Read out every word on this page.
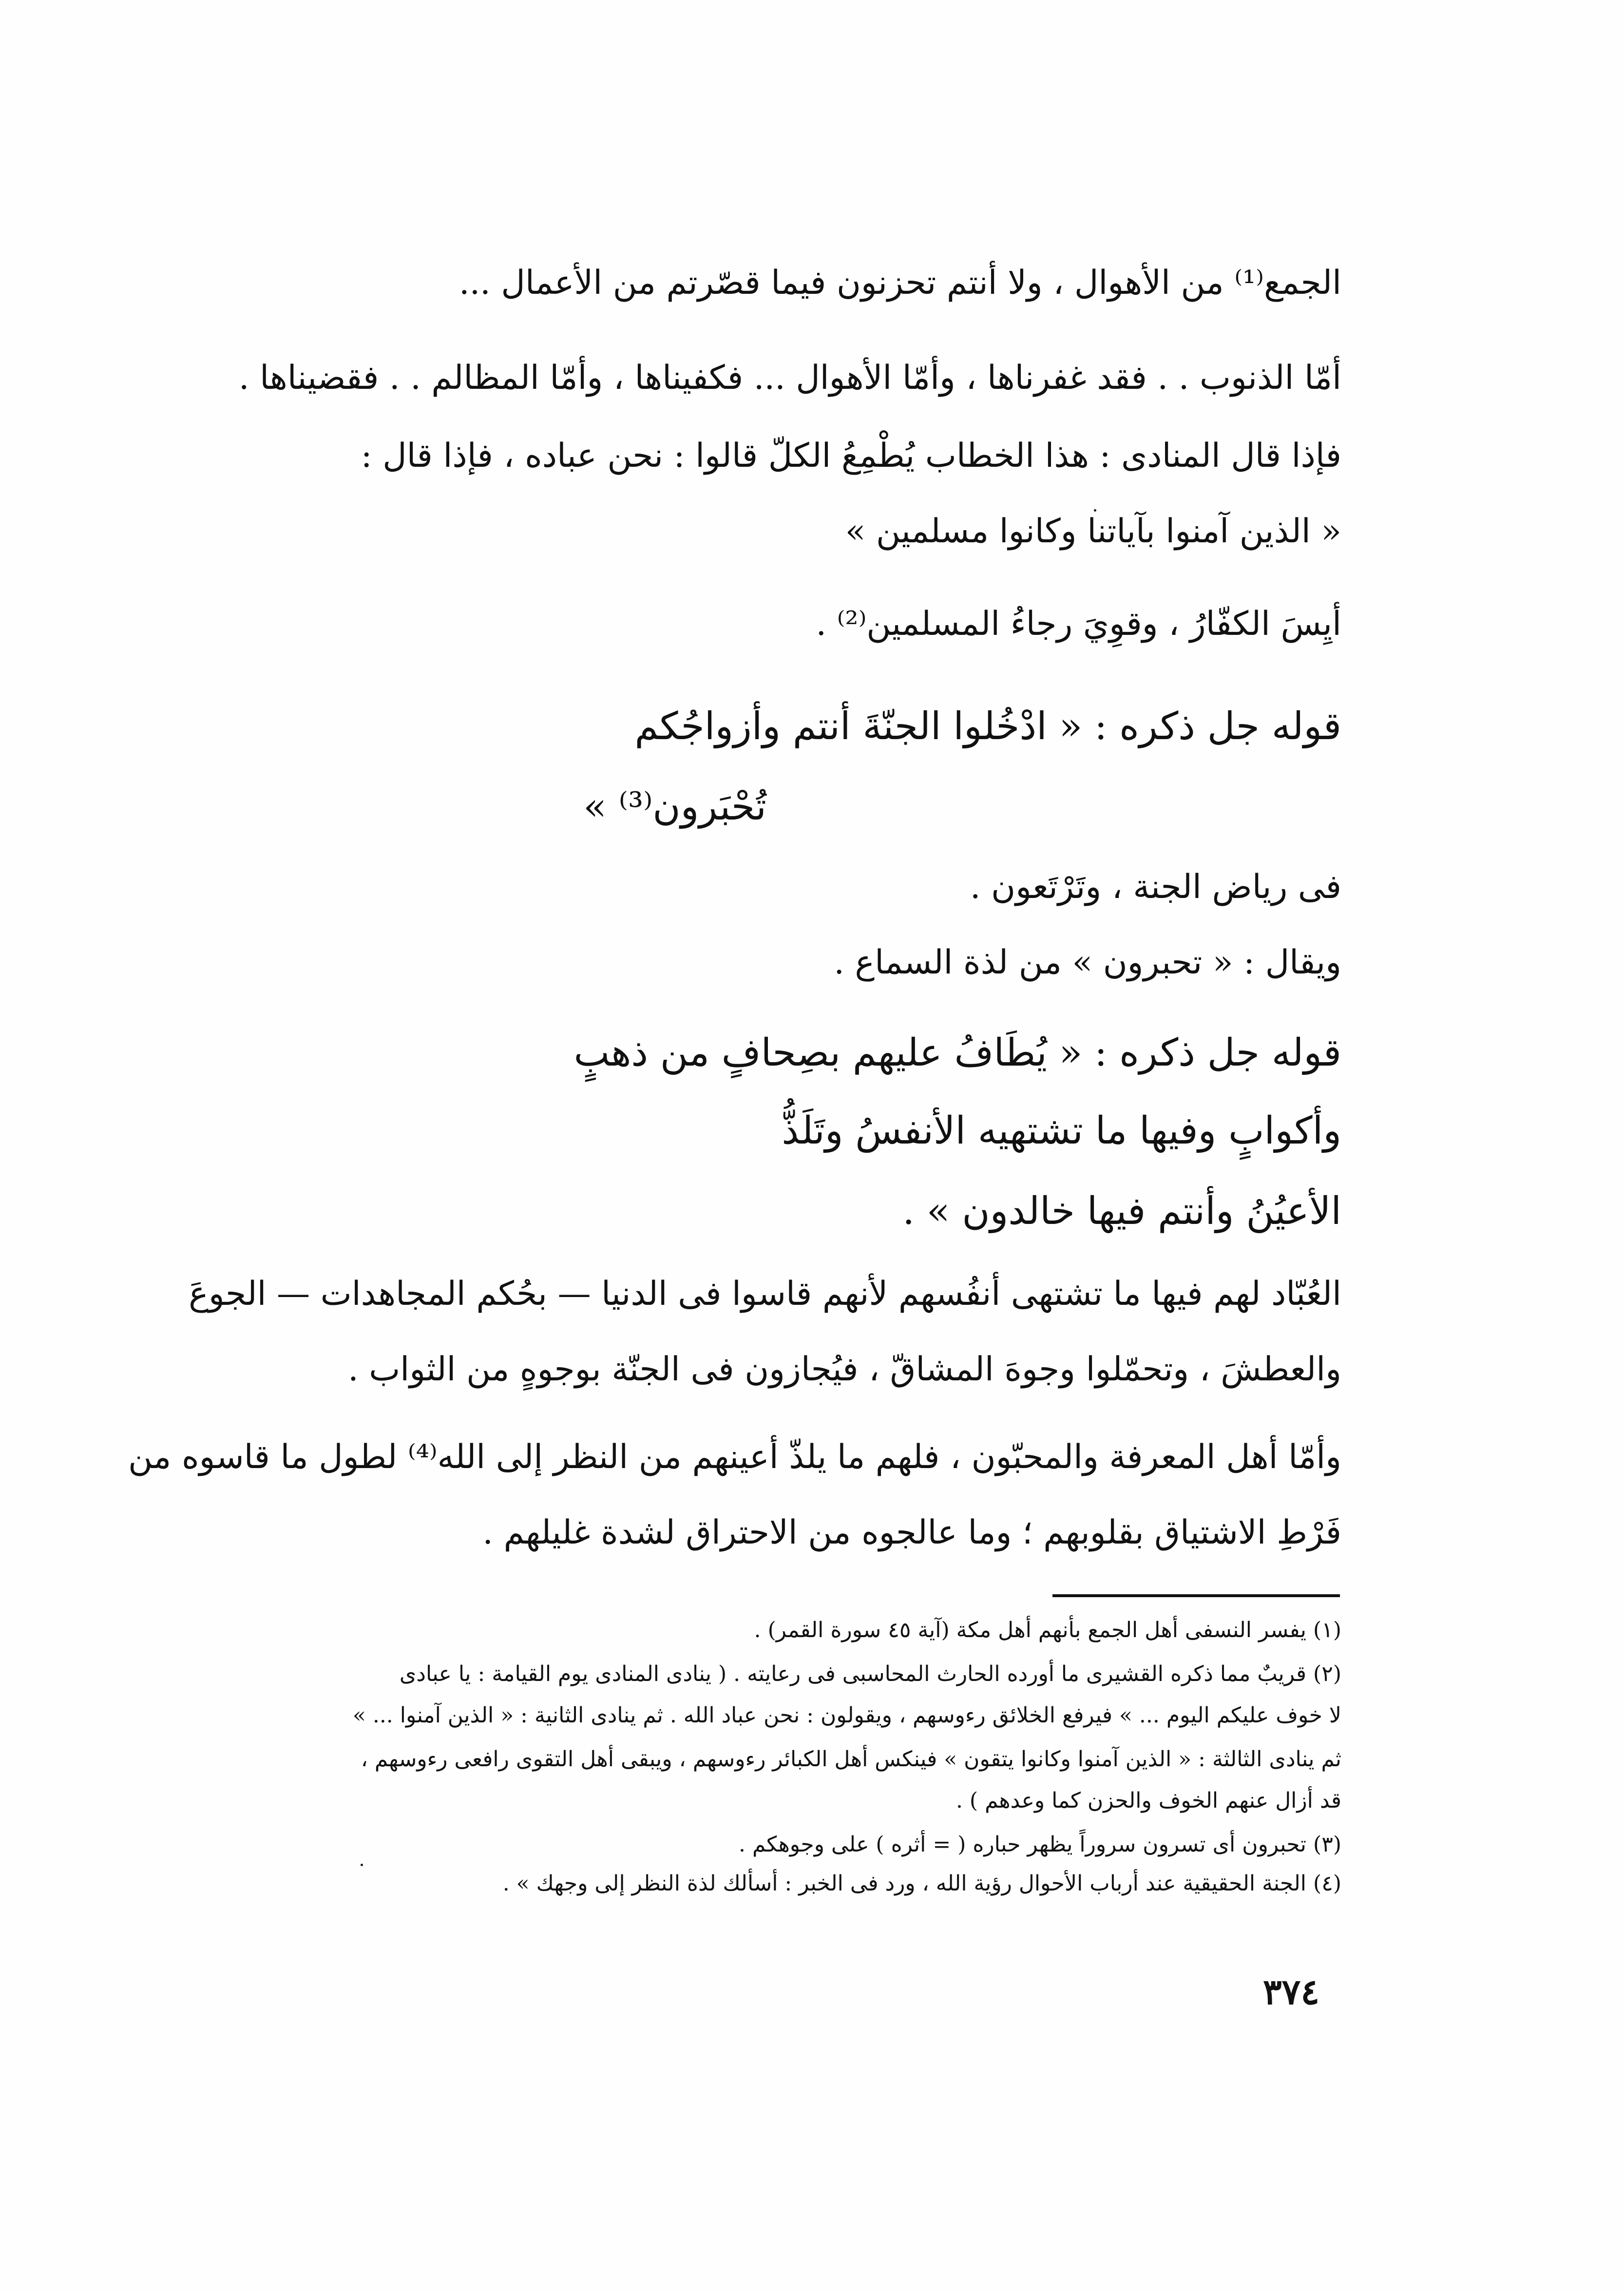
الجمع⁽¹⁾ من الأهوال ، ولا أنتم تحزنون فيما قصّرتم من الأعمال ...
أمّا الذنوب . . فقد غفرناها ، وأمّا الأهوال ... فكفيناها ، وأمّا المظالم . . فقضيناها .
فإذا قال المنادى : هذا الخطاب يُطْمِعُ الكلّ قالوا : نحن عباده ، فإذا قال :
« الذين آمنوا بآياتنا وكانوا مسلمين »
أيِسَ الكفّارُ ، وقوِيَ رجاءُ المسلمين⁽²⁾ .
قوله جل ذكره : « ادْخُلوا الجنّةَ أنتم وأزواجُكم
تُحْبَرون⁽³⁾ »
فى رياض الجنة ، وتَرْتَعون .
ويقال : « تحبرون » من لذة السماع .
قوله جل ذكره : « يُطَافُ عليهم بصِحافٍ من ذهبٍ
وأكوابٍ وفيها ما تشتهيه الأنفسُ وتَلَذُّ
الأعيُنُ وأنتم فيها خالدون » .
العُبّاد لهم فيها ما تشتهى أنفُسهم لأنهم قاسوا فى الدنيا — بحُكم المجاهدات — الجوعَ
والعطشَ ، وتحمّلوا وجوهَ المشاقّ ، فيُجازون فى الجنّة بوجوهٍ من الثواب .
وأمّا أهل المعرفة والمحبّون ، فلهم ما يلذّ أعينهم من النظر إلى الله⁽⁴⁾ لطول ما قاسوه من
فَرْطِ الاشتياق بقلوبهم ؛ وما عالجوه من الاحتراق لشدة غليلهم .
(١) يفسر النسفى أهل الجمع بأنهم أهل مكة (آية ٤٥ سورة القمر) .
(٢) قريبٌ مما ذكره القشيرى ما أورده الحارث المحاسبى فى رعايته . ( ينادى المنادى يوم القيامة : يا عبادى
لا خوف عليكم اليوم ... » فيرفع الخلائق رءوسهم ، ويقولون : نحن عباد الله . ثم ينادى الثانية : « الذين آمنوا ... »
ثم ينادى الثالثة : « الذين آمنوا وكانوا يتقون » فينكس أهل الكبائر رءوسهم ، ويبقى أهل التقوى رافعى رءوسهم ،
قد أزال عنهم الخوف والحزن كما وعدهم ) .
(٣) تحبرون أى تسرون سروراً يظهر حباره ( = أثره ) على وجوهكم .
(٤) الجنة الحقيقية عند أرباب الأحوال رؤية الله ، ورد فى الخبر : أسألك لذة النظر إلى وجهك » .
٣٧٤
